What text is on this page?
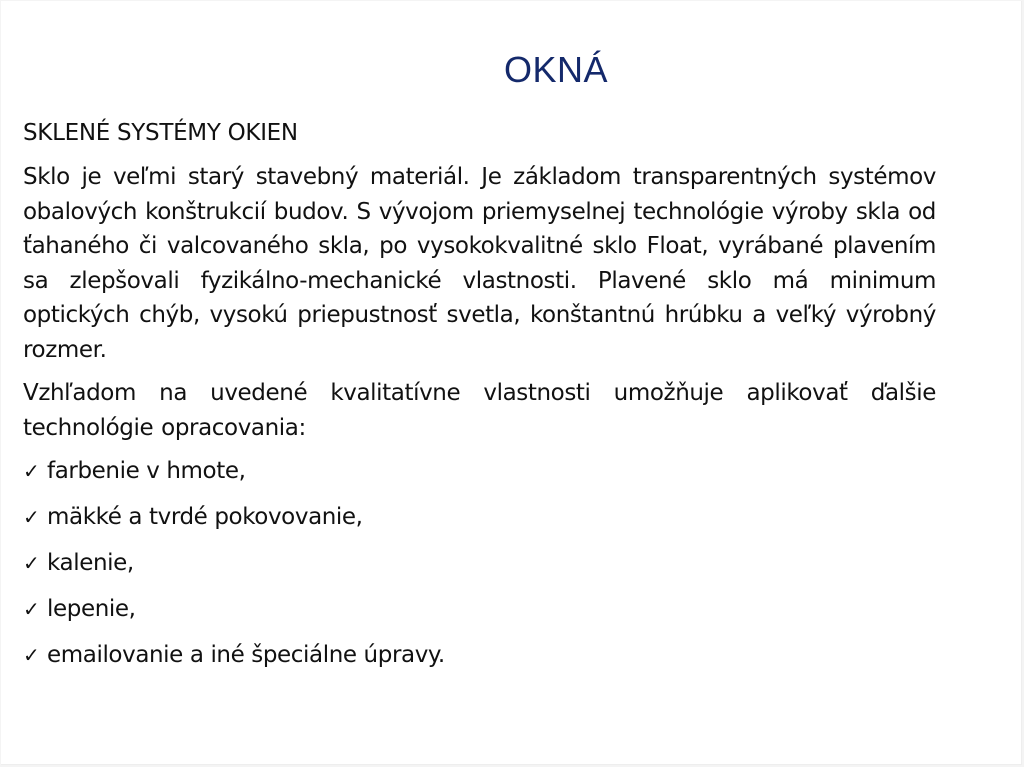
OKNÁ
SKLENÉ SYSTÉMY OKIEN

Sklo je veľmi starý stavebný materiál. Je základom transparentných systémov obalových konštrukcií budov. S vývojom priemyselnej technológie výroby skla od ťahaného či valcovaného skla, po vysokokvalitné sklo Float, vyrábané plavením sa zlepšovali fyzikálno-mechanické vlastnosti. Plavené sklo má minimum optických chýb, vysokú priepustnosť svetla, konštantnú hrúbku a veľký výrobný rozmer.

Vzhľadom na uvedené kvalitatívne vlastnosti umožňuje aplikovať ďalšie technológie opracovania:

✓ farbenie v hmote,
✓ mäkké a tvrdé pokovovanie,
✓ kalenie,
✓ lepenie,
✓ emailovanie a iné špeciálne úpravy.
